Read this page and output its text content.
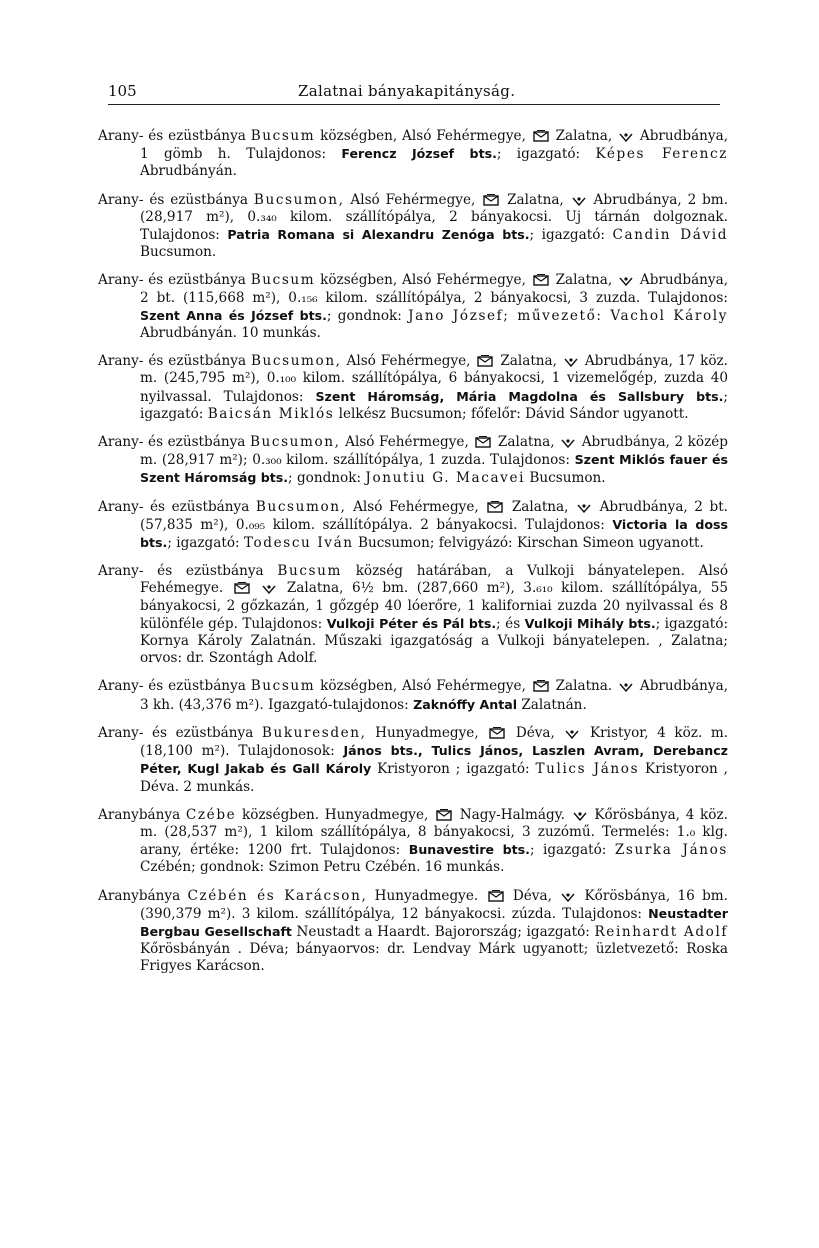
105	Zalatnai bányakapitányság.

Arany- és ezüstbánya Bucsum községben, Alsó Fehérmegye, Zalatna, Abrudbánya, 1 gömb h. Tulajdonos: Ferencz József bts.; igazgató: Képes Ferencz Abrudbányán.

Arany- és ezüstbánya Bucsumon, Alsó Fehérmegye, Zalatna, Abrudbánya, 2 bm. (28,917 m²), 0.₃₄₀ kilom. szállítópálya, 2 bányakocsi. Uj tárnán dolgoznak. Tulajdonos: Patria Romana si Alexandru Zenóga bts.; igazgató: Candin Dávid Bucsumon.

Arany- és ezüstbánya Bucsum községben, Alsó Fehérmegye, Zalatna, Abrudbánya, 2 bt. (115,668 m²), 0.₁₅₆ kilom. szállítópálya, 2 bányakocsi, 3 zuzda. Tulajdonos: Szent Anna és József bts.; gondnok: Jano József; művezető: Vachol Károly Abrudbányán. 10 munkás.

Arany- és ezüstbánya Bucsumon, Alsó Fehérmegye, Zalatna, Abrudbánya, 17 köz. m. (245,795 m²), 0.₁₀₀ kilom. szállítópálya, 6 bányakocsi, 1 vizemelőgép, zuzda 40 nyilvassal. Tulajdonos: Szent Háromság, Mária Magdolna és Sallsbury bts.; igazgató: Baicsán Miklós lelkész Bucsumon; főfelőr: Dávid Sándor ugyanott.

Arany- és ezüstbánya Bucsumon, Alsó Fehérmegye, Zalatna, Abrudbánya, 2 közép m. (28,917 m²); 0.₃₀₀ kilom. szállítópálya, 1 zuzda. Tulajdonos: Szent Miklós fauer és Szent Háromság bts.; gondnok: Jonutiu G. Macavei Bucsumon.

Arany- és ezüstbánya Bucsumon, Alsó Fehérmegye, Zalatna, Abrudbánya, 2 bt. (57,835 m²), 0.₀₉₅ kilom. szállítópálya. 2 bányakocsi. Tulajdonos: Victoria la doss bts.; igazgató: Todescu Iván Bucsumon; felvigyázó: Kirschan Simeon ugyanott.

Arany- és ezüstbánya Bucsum község határában, a Vulkoji bányatelepen. Alsó Fehémegye.
	Zalatna, 6½ bm. (287,660 m²), 3.₆₁₀ kilom. szállítópálya, 55 bányakocsi, 2 gőzkazán, 1 gőzgép 40 lóerőre, 1 kaliforniai zuzda 20 nyilvassal és 8 különféle gép. Tulajdonos: Vulkoji Péter és Pál bts.; és Vulkoji Mihály bts.; igazgató: Kornya Károly Zalatnán. Műszaki igazgatóság a Vulkoji bányatelepen. , Zalatna; orvos: dr. Szontágh Adolf.

Arany- és ezüstbánya Bucsum községben, Alsó Fehérmegye, Zalatna. Abrudbánya, 3 kh. (43,376 m²). Igazgató-tulajdonos: Zaknóffy Antal Zalatnán.

Arany- és ezüstbánya Bukuresden, Hunyadmegye,	Déva,	Kristyor, 4 köz. m. (18,100 m²). Tulajdonosok: János bts., Tulics János, Laszlen Avram, Derebancz Péter, Kugl Jakab és Gall Károly Kristyoron ; igazgató: Tulics János Kristyoron , Déva. 2 munkás.

Aranybánya Czébe községben. Hunyadmegye, Nagy-Halmágy. Kőrösbánya, 4 köz. m. (28,537 m²), 1 kilom szállítópálya, 8 bányakocsi, 3 zuzómű. Termelés: 1.₀ klg. arany, értéke: 1200 frt. Tulajdonos: Bunavestire bts.; igazgató: Zsurka János Czébén; gondnok: Szimon Petru Czébén. 16 munkás.

Aranybánya Czébén és Karácson, Hunyadmegye.	Déva, Kőrösbánya, 16 bm. (390,379 m²). 3 kilom. szállítópálya, 12 bányakocsi. zúzda. Tulajdonos: Neustadter Bergbau Gesellschaft Neustadt a Haardt. Bajorország; igazgató: Reinhardt Adolf Kőrösbányán . Déva; bányaorvos: dr. Lendvay Márk ugyanott; üzletvezető: Roska Frigyes Karácson.
